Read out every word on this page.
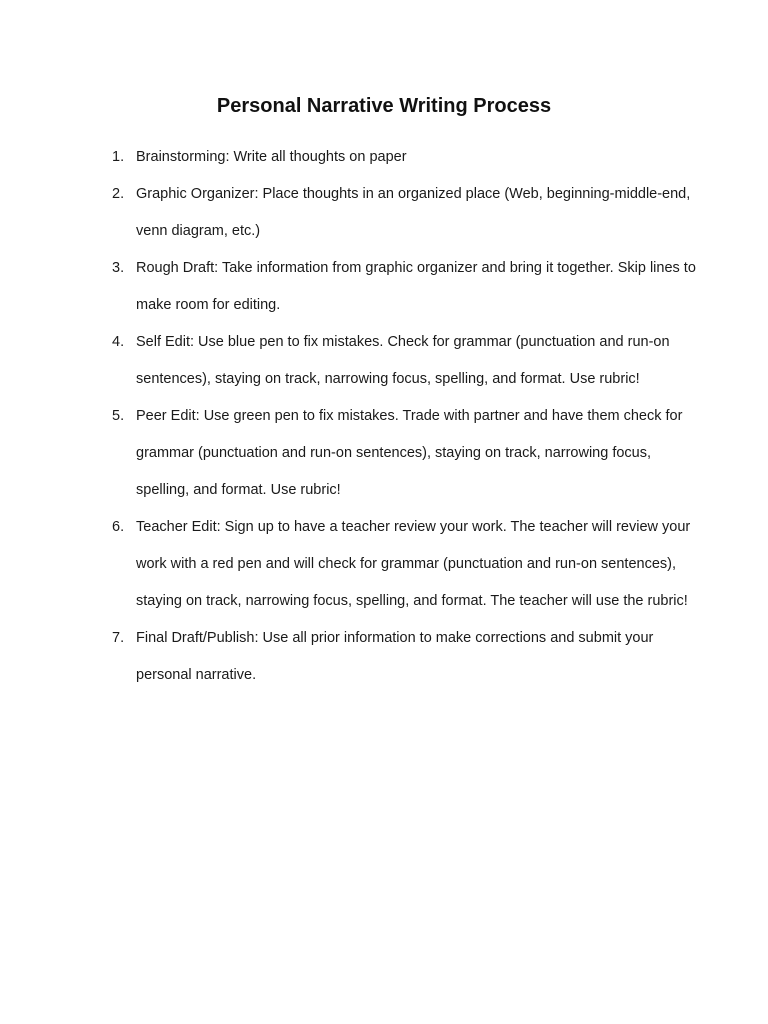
Personal Narrative Writing Process
1. Brainstorming: Write all thoughts on paper
2. Graphic Organizer: Place thoughts in an organized place (Web, beginning-middle-end, venn diagram, etc.)
3. Rough Draft: Take information from graphic organizer and bring it together. Skip lines to make room for editing.
4. Self Edit: Use blue pen to fix mistakes. Check for grammar (punctuation and run-on sentences), staying on track, narrowing focus, spelling, and format. Use rubric!
5. Peer Edit: Use green pen to fix mistakes. Trade with partner and have them check for grammar (punctuation and run-on sentences), staying on track, narrowing focus, spelling, and format. Use rubric!
6. Teacher Edit: Sign up to have a teacher review your work. The teacher will review your work with a red pen and will check for grammar (punctuation and run-on sentences), staying on track, narrowing focus, spelling, and format. The teacher will use the rubric!
7. Final Draft/Publish: Use all prior information to make corrections and submit your personal narrative.
